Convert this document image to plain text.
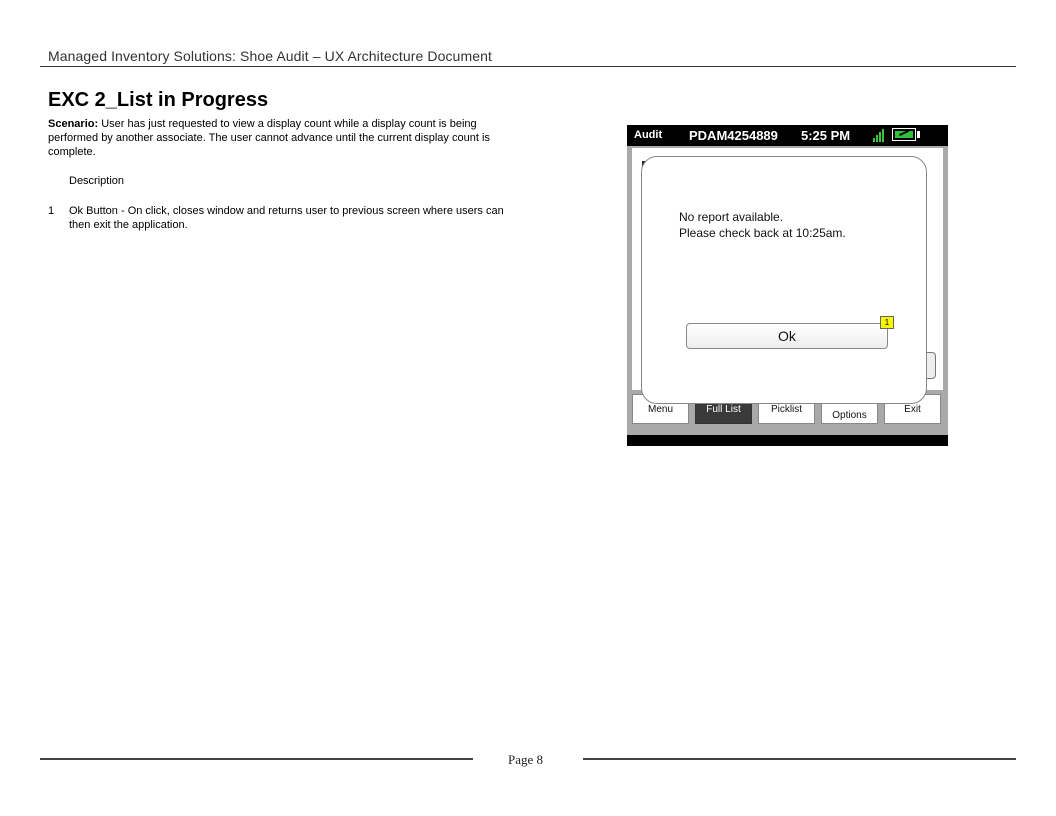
Managed Inventory Solutions: Shoe Audit – UX Architecture Document
EXC 2_List in Progress
Scenario: User has just requested to view a display count while a display count is being performed by another associate. The user cannot advance until the current display count is complete.
Description
1 Ok Button - On click, closes window and returns user to previous screen where users can then exit the application.
Audit PDAM4254889 5:25 PM
Menu	Full List	Picklist
Options
Exit
No report available.
Please check back at 10:25am.
Ok
1
Page 8
